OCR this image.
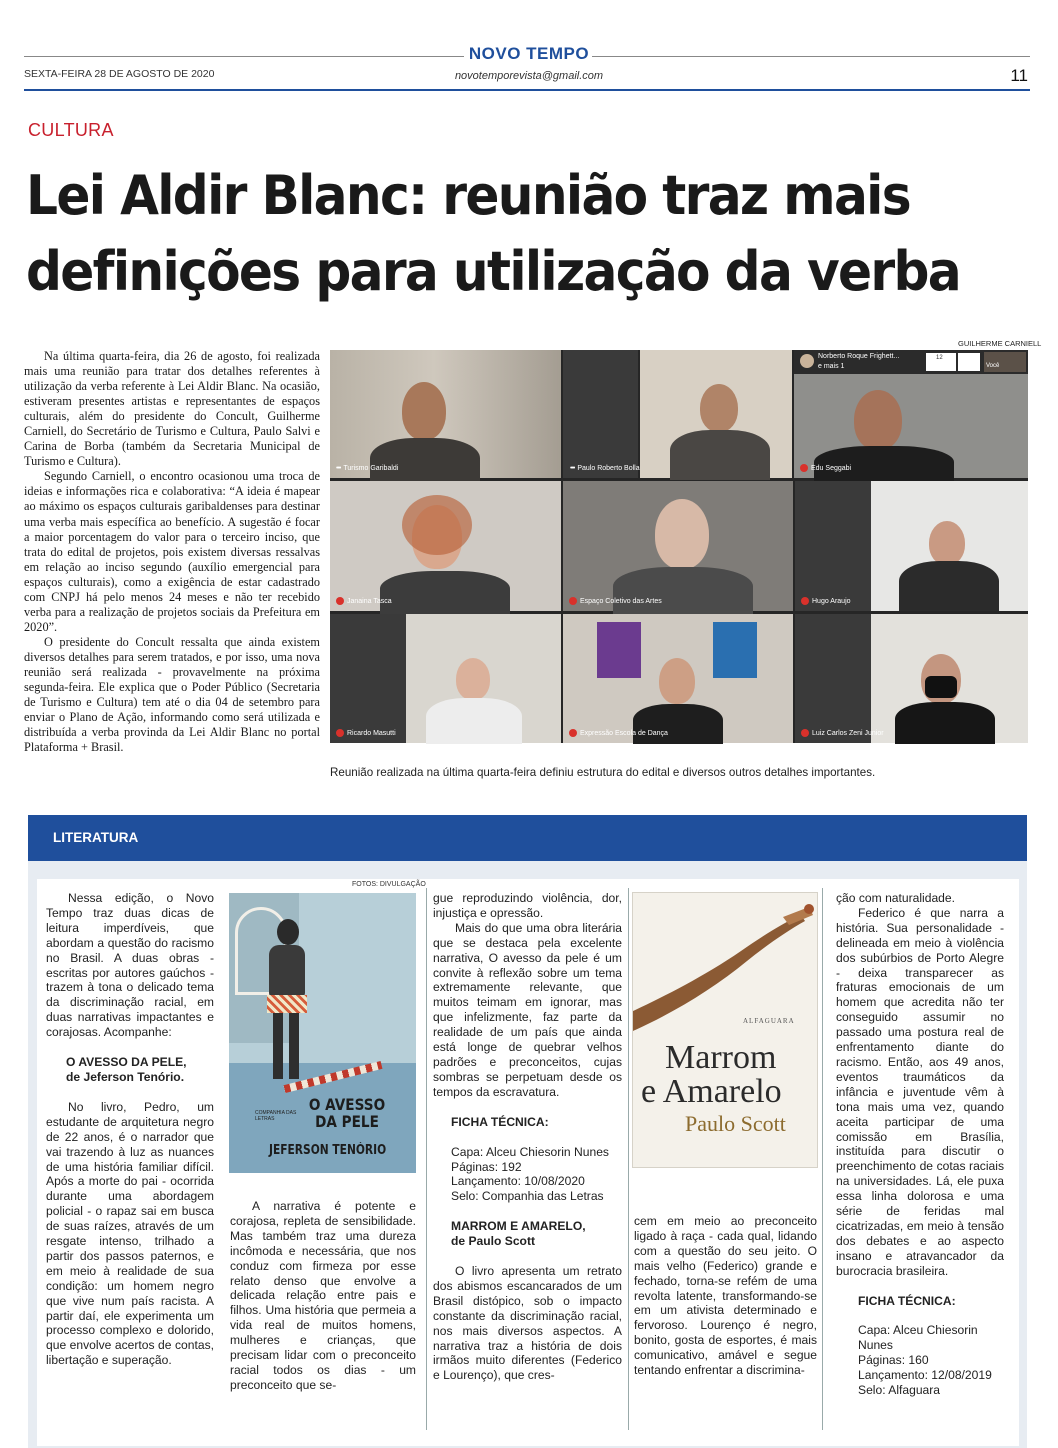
NOVO TEMPO
SEXTA-FEIRA 28 DE AGOSTO DE 2020	novotemporevista@gmail.com	11
CULTURA
Lei Aldir Blanc: reunião traz mais
definições para utilização da verba

Na última quarta-feira, dia 26 de agosto, foi realizada mais uma reunião para tratar dos detalhes referentes à utilização da verba referente à Lei Aldir Blanc. Na ocasião, estiveram presentes artistas e representantes de espaços culturais, além do presidente do Concult, Guilherme Carniell, do Secretário de Turismo e Cultura, Paulo Salvi e Carina de Borba (também da Secretaria Municipal de Turismo e Cultura).

Segundo Carniell, o encontro ocasionou uma troca de ideias e informações rica e colaborativa: “A ideia é mapear ao máximo os espaços culturais garibaldenses para destinar uma verba mais específica ao benefício. A sugestão é focar a maior porcentagem do valor para o terceiro inciso, que trata do edital de projetos, pois existem diversas ressalvas em relação ao inciso segundo (auxílio emergencial para espaços culturais), como a exigência de estar cadastrado com CNPJ há pelo menos 24 meses e não ter recebido verba para a realização de projetos sociais da Prefeitura em 2020”.

O presidente do Concult ressalta que ainda existem diversos detalhes para serem tratados, e por isso, uma nova reunião será realizada - provavelmente na próxima segunda-feira. Ele explica que o Poder Público (Secretaria de Turismo e Cultura) tem até o dia 04 de setembro para enviar o Plano de Ação, informando como será utilizada e distribuída a verba provinda da Lei Aldir Blanc no portal Plataforma + Brasil.

GUILHERME CARNIELL
••• Turismo Garibaldi	••• Paulo Roberto Bolla
Norberto Roque Frighett...
e mais 1
12
Você
Edu Seggabi
Janaina Tasca	Espaço Coletivo das Artes	Hugo Araujo
Ricardo Masutti	Expressão Escola de Dança	Luiz Carlos Zeni Junior
Reunião realizada na última quarta-feira definiu estrutura do edital e diversos outros detalhes importantes.
LITERATURA
FOTOS: DIVULGAÇÃO

Nessa edição, o Novo Tempo traz duas dicas de leitura imperdíveis, que abordam a questão do racismo no Brasil. A duas obras - escritas por autores gaúchos - trazem à tona o delicado tema da discriminação racial, em duas narrativas impactantes e corajosas. Acompanhe:

O AVESSO DA PELE,
de Jeferson Tenório.

No livro, Pedro, um estudante de arquitetura negro de 22 anos, é o narrador que vai trazendo à luz as nuances de uma história familiar difícil. Após a morte do pai - ocorrida durante uma abordagem policial - o rapaz sai em busca de suas raízes, através de um resgate intenso, trilhado a partir dos passos paternos, e em meio à realidade de sua condição: um homem negro que vive num país racista. A partir daí, ele experimenta um processo complexo e dolorido, que envolve acertos de contas, libertação e superação.

O AVESSO
DA PELE
COMPANHIA DAS LETRAS
JEFERSON TENÓRIO

A narrativa é potente e corajosa, repleta de sensibilidade. Mas também traz uma dureza incômoda e necessária, que nos conduz com firmeza por esse relato denso que envolve a delicada relação entre pais e filhos. Uma história que permeia a vida real de muitos homens, mulheres e crianças, que precisam lidar com o preconceito racial todos os dias - um preconceito que se-

gue reproduzindo violência, dor, injustiça e opressão.

Mais do que uma obra literária que se destaca pela excelente narrativa, O avesso da pele é um convite à reflexão sobre um tema extremamente relevante, que muitos teimam em ignorar, mas que infelizmente, faz parte da realidade de um país que ainda está longe de quebrar velhos padrões e preconceitos, cujas sombras se perpetuam desde os tempos da escravatura.

FICHA TÉCNICA:
Capa: Alceu Chiesorin Nunes
Páginas: 192
Lançamento: 10/08/2020
Selo: Companhia das Letras
MARROM E AMARELO,
de Paulo Scott

O livro apresenta um retrato dos abismos escancarados de um Brasil distópico, sob o impacto constante da discriminação racial, nos mais diversos aspectos. A narrativa traz a história de dois irmãos muito diferentes (Federico e Lourenço), que cres-

ALFAGUARA
Marrom
e Amarelo
Paulo Scott

cem em meio ao preconceito ligado à raça - cada qual, lidando com a questão do seu jeito. O mais velho (Federico) grande e fechado, torna-se refém de uma revolta latente, transformando-se em um ativista determinado e fervoroso. Lourenço é negro, bonito, gosta de esportes, é mais comunicativo, amável e segue tentando enfrentar a discrimina-

ção com naturalidade.

Federico é que narra a história. Sua personalidade - delineada em meio à violência dos subúrbios de Porto Alegre - deixa transparecer as fraturas emocionais de um homem que acredita não ter conseguido assumir no passado uma postura real de enfrentamento diante do racismo. Então, aos 49 anos, eventos traumáticos da infância e juventude vêm à tona mais uma vez, quando aceita participar de uma comissão em Brasília, instituída para discutir o preenchimento de cotas raciais na universidades. Lá, ele puxa essa linha dolorosa e uma série de feridas mal cicatrizadas, em meio à tensão dos debates e ao aspecto insano e atravancador da burocracia brasileira.

FICHA TÉCNICA:
Capa: Alceu Chiesorin Nunes
Páginas: 160
Lançamento: 12/08/2019
Selo: Alfaguara
